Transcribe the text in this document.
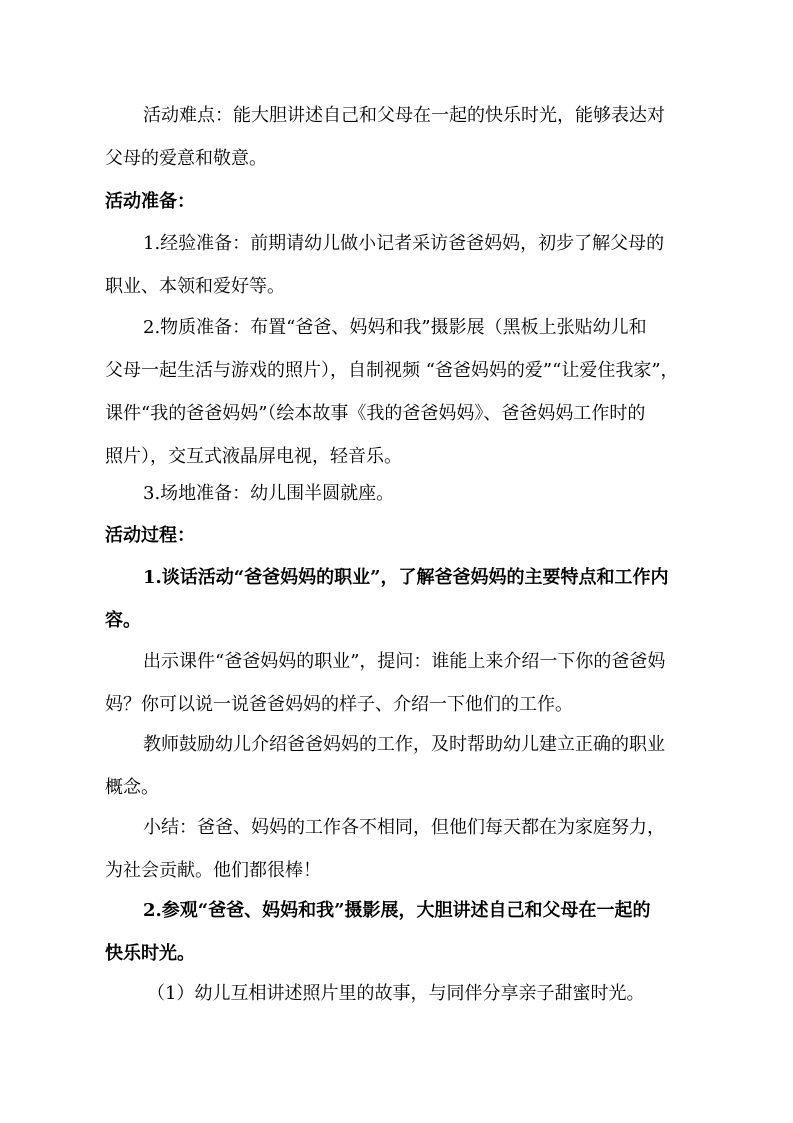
活动难点：能大胆讲述自己和父母在一起的快乐时光，能够表达对
父母的爱意和敬意。

活动准备：

1.经验准备：前期请幼儿做小记者采访爸爸妈妈，初步了解父母的
职业、本领和爱好等。

2.物质准备：布置“爸爸、妈妈和我”摄影展（黑板上张贴幼儿和
父母一起生活与游戏的照片），自制视频 “爸爸妈妈的爱”“让爱住我家”，
课件“我的爸爸妈妈”（绘本故事《我的爸爸妈妈》、爸爸妈妈工作时的
照片），交互式液晶屏电视，轻音乐。

3.场地准备：幼儿围半圆就座。

活动过程：

1.谈话活动“爸爸妈妈的职业”，了解爸爸妈妈的主要特点和工作内
容。

出示课件“爸爸妈妈的职业”，提问：谁能上来介绍一下你的爸爸妈
妈？你可以说一说爸爸妈妈的样子、介绍一下他们的工作。

教师鼓励幼儿介绍爸爸妈妈的工作，及时帮助幼儿建立正确的职业
概念。

小结：爸爸、妈妈的工作各不相同，但他们每天都在为家庭努力，
为社会贡献。他们都很棒！

2.参观“爸爸、妈妈和我”摄影展，大胆讲述自己和父母在一起的
快乐时光。

（1）幼儿互相讲述照片里的故事，与同伴分享亲子甜蜜时光。
